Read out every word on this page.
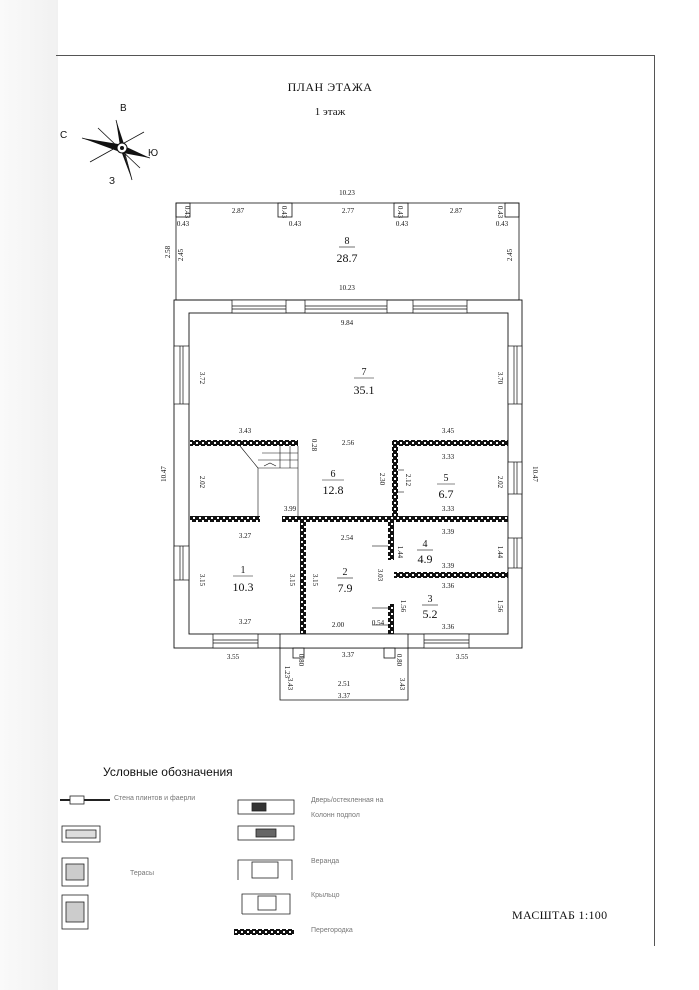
ПЛАН ЭТАЖА
1 этаж
В
С
Ю
З
8
28.7
7
35.1
6
12.8
5
6.7
4
4.9
3
5.2
2
7.9
1
10.3
10.23
2.87	2.77	2.87
0.43	0.43	0.43	0.43
10.23
9.84
3.43
2.56
3.45
3.33
3.33
3.99
3.27	2.54
3.39
3.39
3.36
3.36
3.27	2.00	0.54
3.55	3.37	3.55
2.51
3.37
2.58 2.45	2.45
0.43	0.43	0.43	0.43
3.72	3.70
10.47	10.47
2.02	2.02
0.28
2.30	2.12
1.44	1.44
3.15	3.15 3.15	3.03
1.56	1.56
1.23
0.80	0.80
3.43	3.43
Условные обозначения
Стена плинтов и фаерли	Дверь/остекленная на
Колонн подпол
Веранда
Крыльцо
Перегородка
Терасы
МАСШТАБ 1:100
